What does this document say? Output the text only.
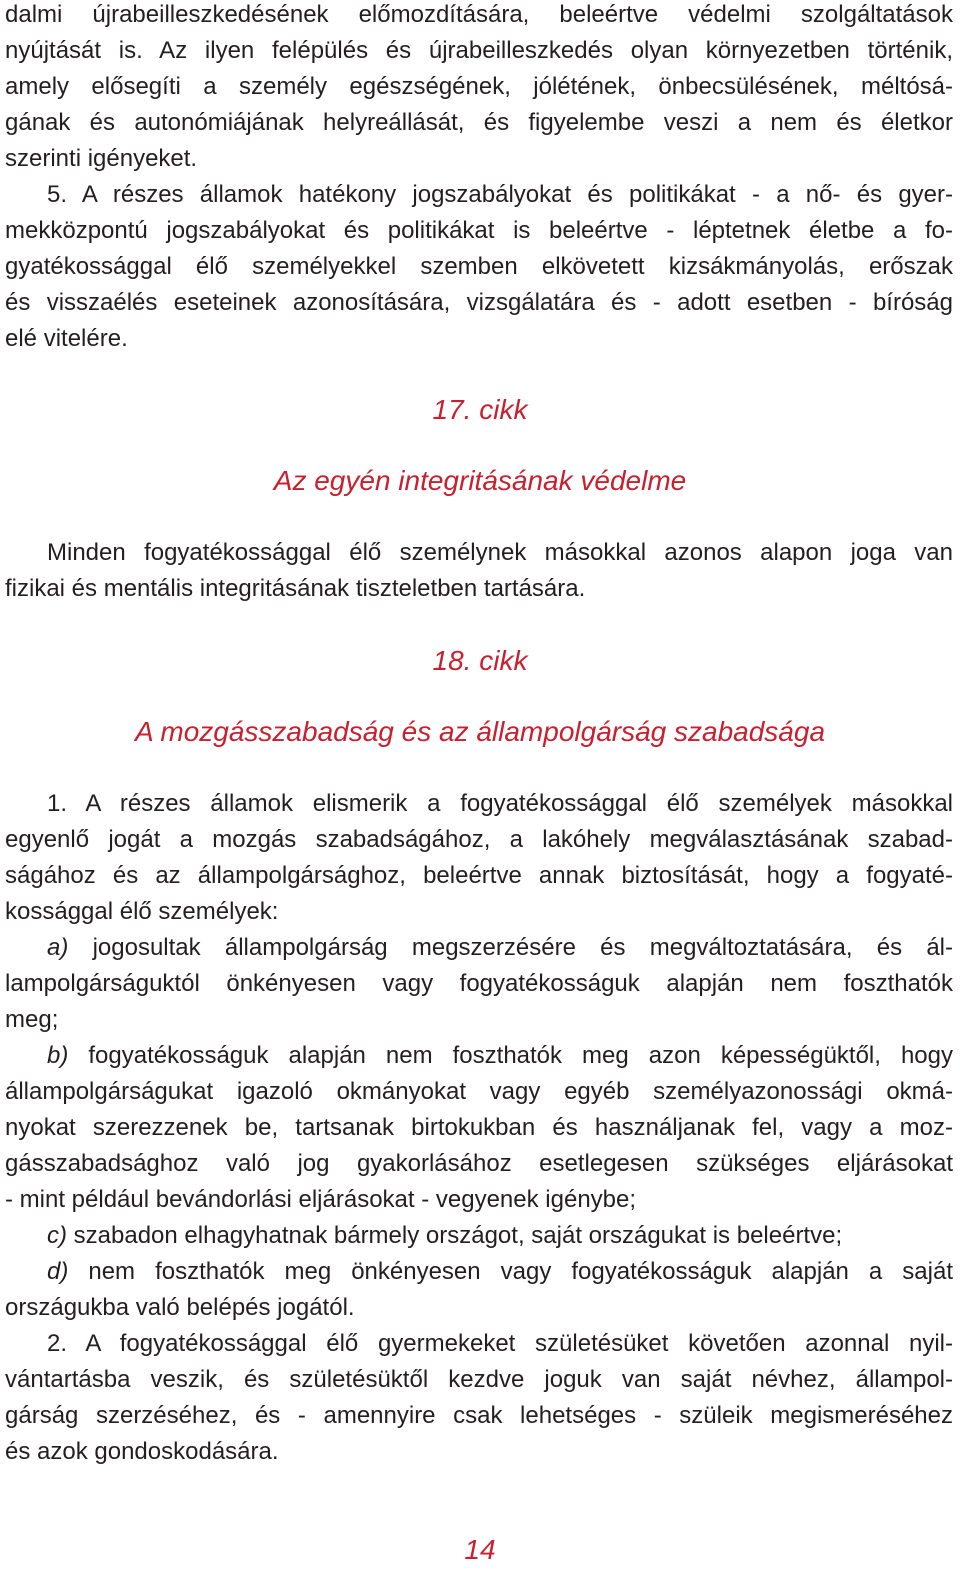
dalmi újrabeilleszkedésének előmozdítására, beleértve védelmi szolgáltatások
nyújtását is. Az ilyen felépülés és újrabeilleszkedés olyan környezetben történik,
amely elősegíti a személy egészségének, jólétének, önbecsülésének, méltósá-
gának és autonómiájának helyreállását, és figyelembe veszi a nem és életkor
szerinti igényeket.
5. A részes államok hatékony jogszabályokat és politikákat - a nő- és gyer-
mekközpontú jogszabályokat és politikákat is beleértve - léptetnek életbe a fo-
gyatékossággal élő személyekkel szemben elkövetett kizsákmányolás, erőszak
és visszaélés eseteinek azonosítására, vizsgálatára és - adott esetben - bíróság
elé vitelére.
17. cikk
Az egyén integritásának védelme
Minden fogyatékossággal élő személynek másokkal azonos alapon joga van
fizikai és mentális integritásának tiszteletben tartására.
18. cikk
A mozgásszabadság és az állampolgárság szabadsága
1. A részes államok elismerik a fogyatékossággal élő személyek másokkal
egyenlő jogát a mozgás szabadságához, a lakóhely megválasztásának szabad-
ságához és az állampolgársághoz, beleértve annak biztosítását, hogy a fogyaté-
kossággal élő személyek:
a) jogosultak állampolgárság megszerzésére és megváltoztatására, és ál-
lampolgárságuktól önkényesen vagy fogyatékosságuk alapján nem foszthatók
meg;
b) fogyatékosságuk alapján nem foszthatók meg azon képességüktől, hogy
állampolgárságukat igazoló okmányokat vagy egyéb személyazonossági okmá-
nyokat szerezzenek be, tartsanak birtokukban és használjanak fel, vagy a moz-
gásszabadsághoz való jog gyakorlásához esetlegesen szükséges eljárásokat
- mint például bevándorlási eljárásokat - vegyenek igénybe;
c) szabadon elhagyhatnak bármely országot, saját országukat is beleértve;
d) nem foszthatók meg önkényesen vagy fogyatékosságuk alapján a saját
országukba való belépés jogától.
2. A fogyatékossággal élő gyermekeket születésüket követően azonnal nyil-
vántartásba veszik, és születésüktől kezdve joguk van saját névhez, állampol-
gárság szerzéséhez, és - amennyire csak lehetséges - szüleik megismeréséhez
és azok gondoskodására.
14
